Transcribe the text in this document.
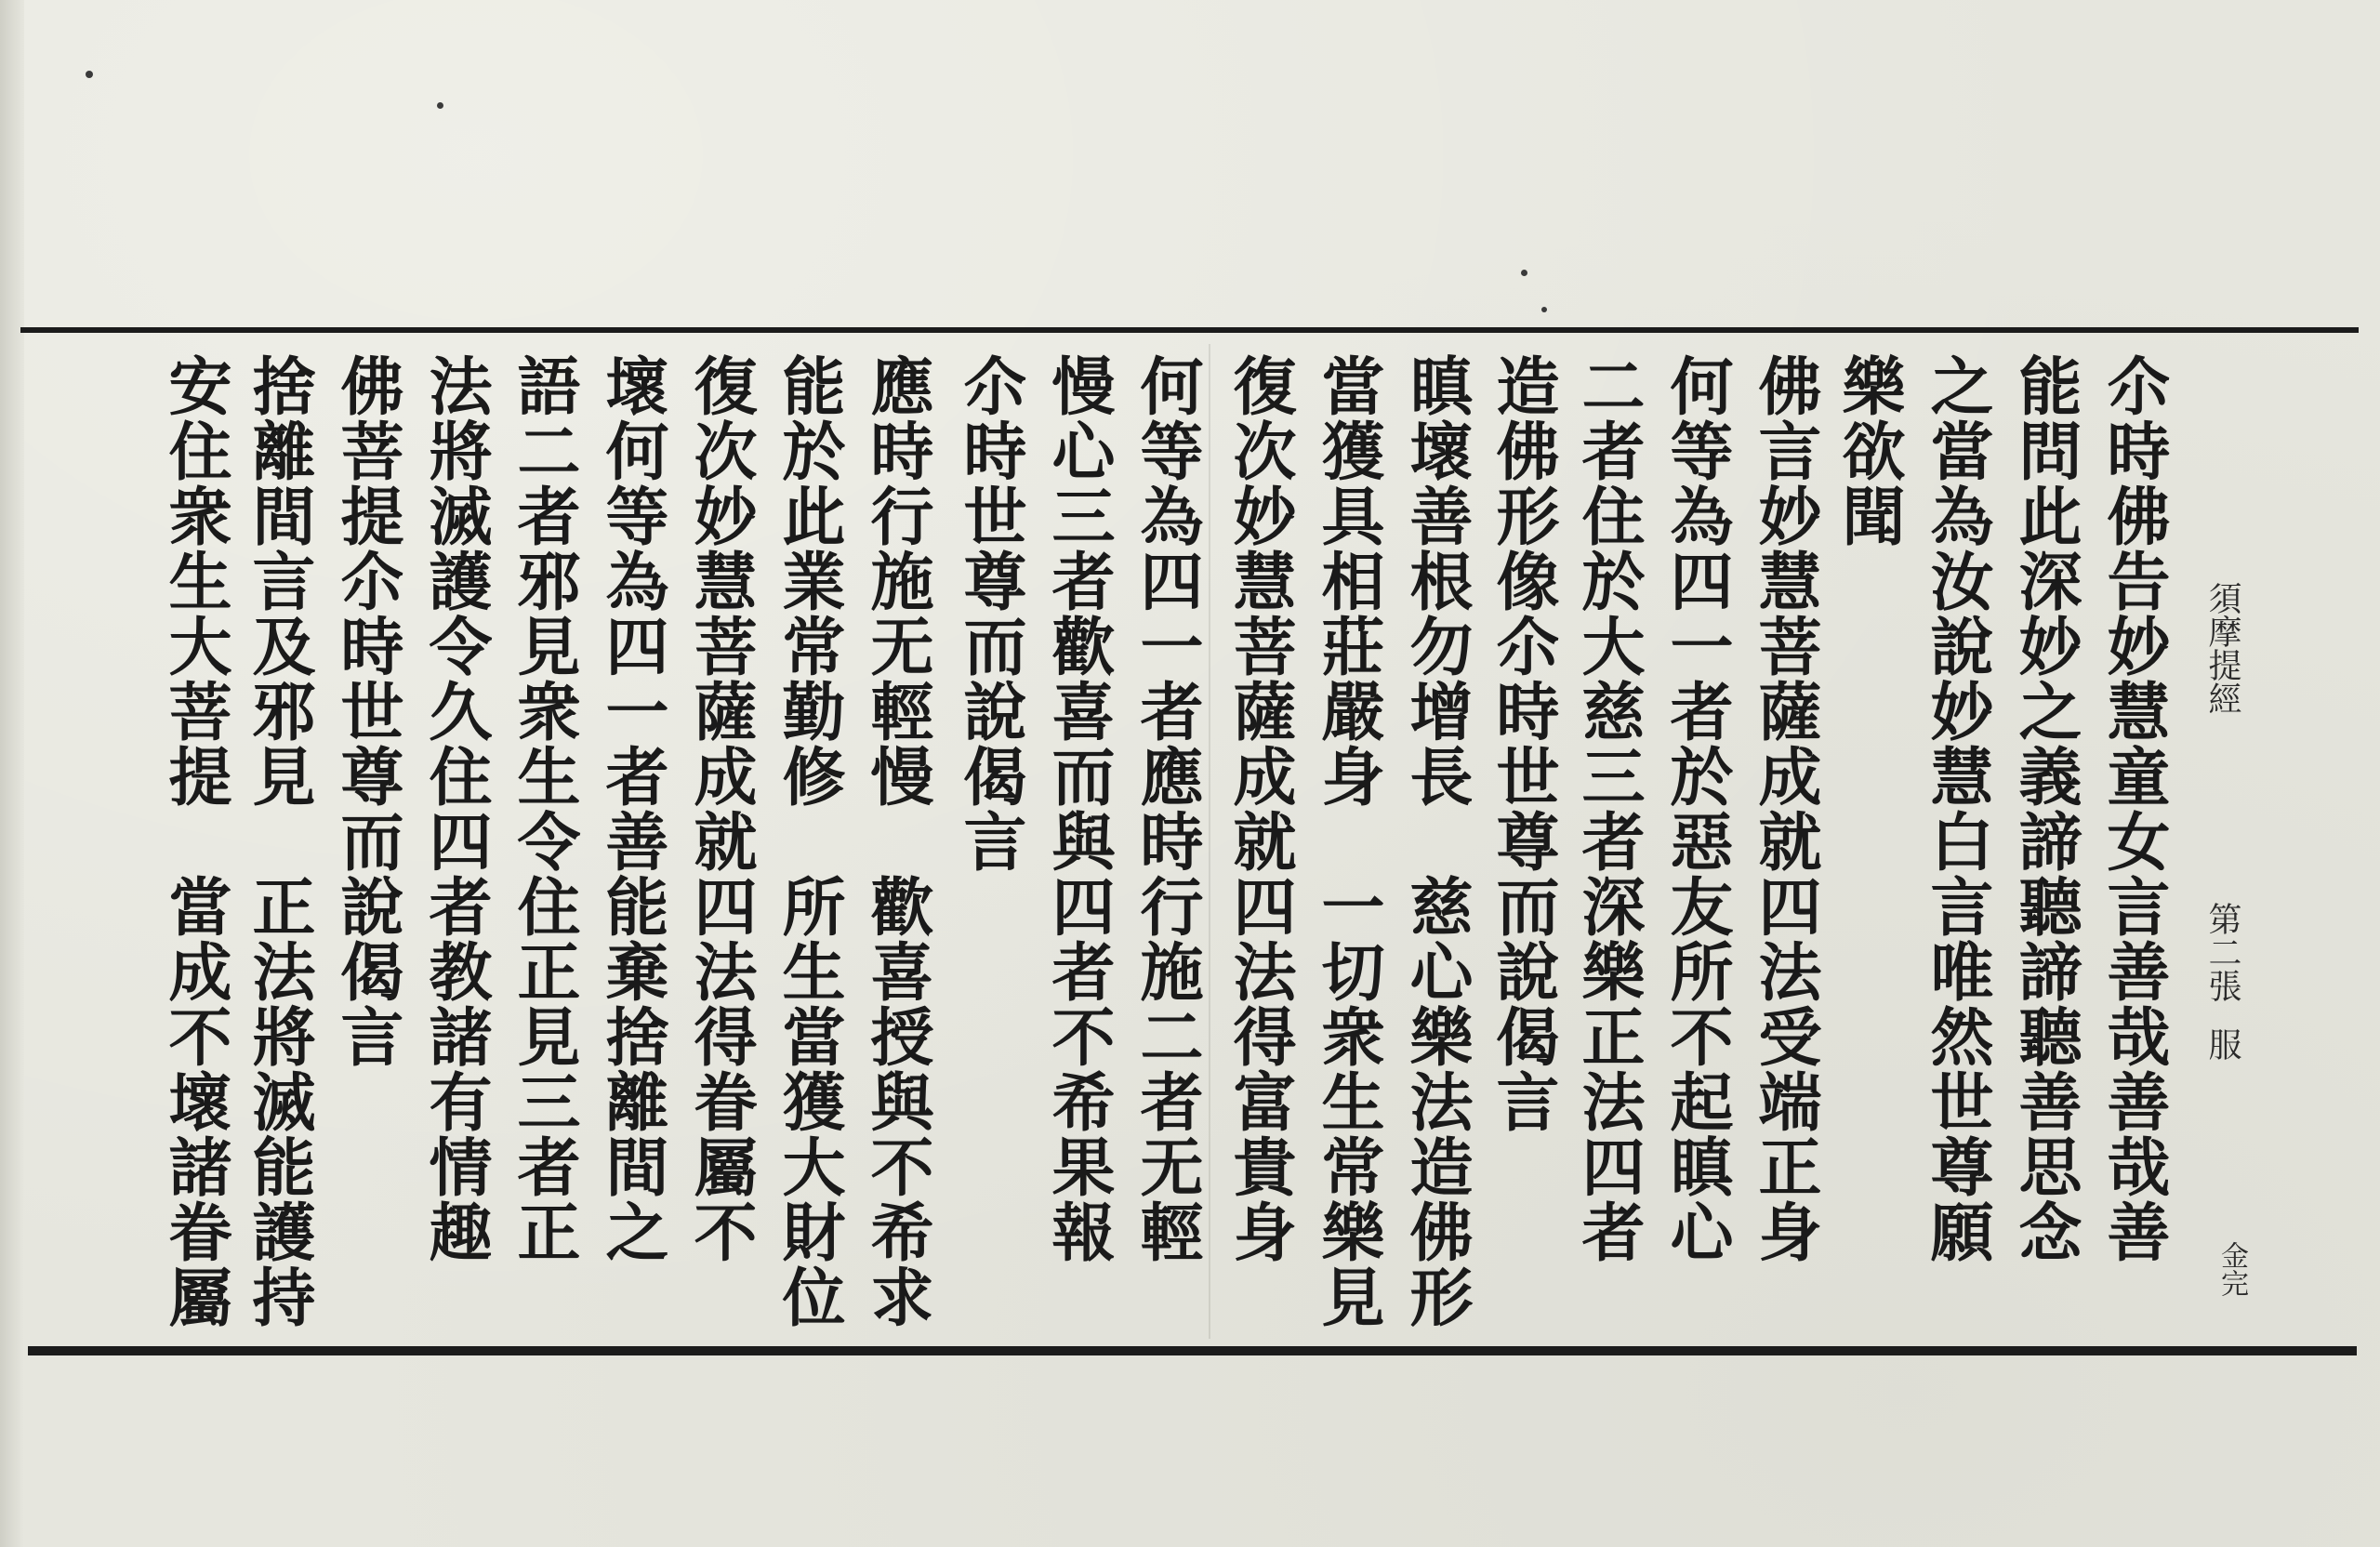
須摩提經
第二張
服
金完
尒時佛告妙慧童女言善哉善哉善
能問此深妙之義諦聽諦聽善思念
之當為汝說妙慧白言唯然世尊願
樂欲聞
佛言妙慧菩薩成就四法受端正身
何等為四一者於惡友所不起瞋心
二者住於大慈三者深樂正法四者
造佛形像尒時世尊而說偈言
瞋壞善根勿增長　慈心樂法造佛形
當獲具相莊嚴身　一切衆生常樂見
復次妙慧菩薩成就四法得富貴身
何等為四一者應時行施二者无輕
慢心三者歡喜而與四者不希果報
尒時世尊而說偈言
應時行施无輕慢　歡喜授與不希求
能於此業常勤修　所生當獲大財位
復次妙慧菩薩成就四法得眷屬不
壞何等為四一者善能棄捨離間之
語二者邪見衆生令住正見三者正
法將滅護令久住四者教諸有情趣
佛菩提尒時世尊而說偈言
捨離間言及邪見　正法將滅能護持
安住衆生大菩提　當成不壞諸眷屬
